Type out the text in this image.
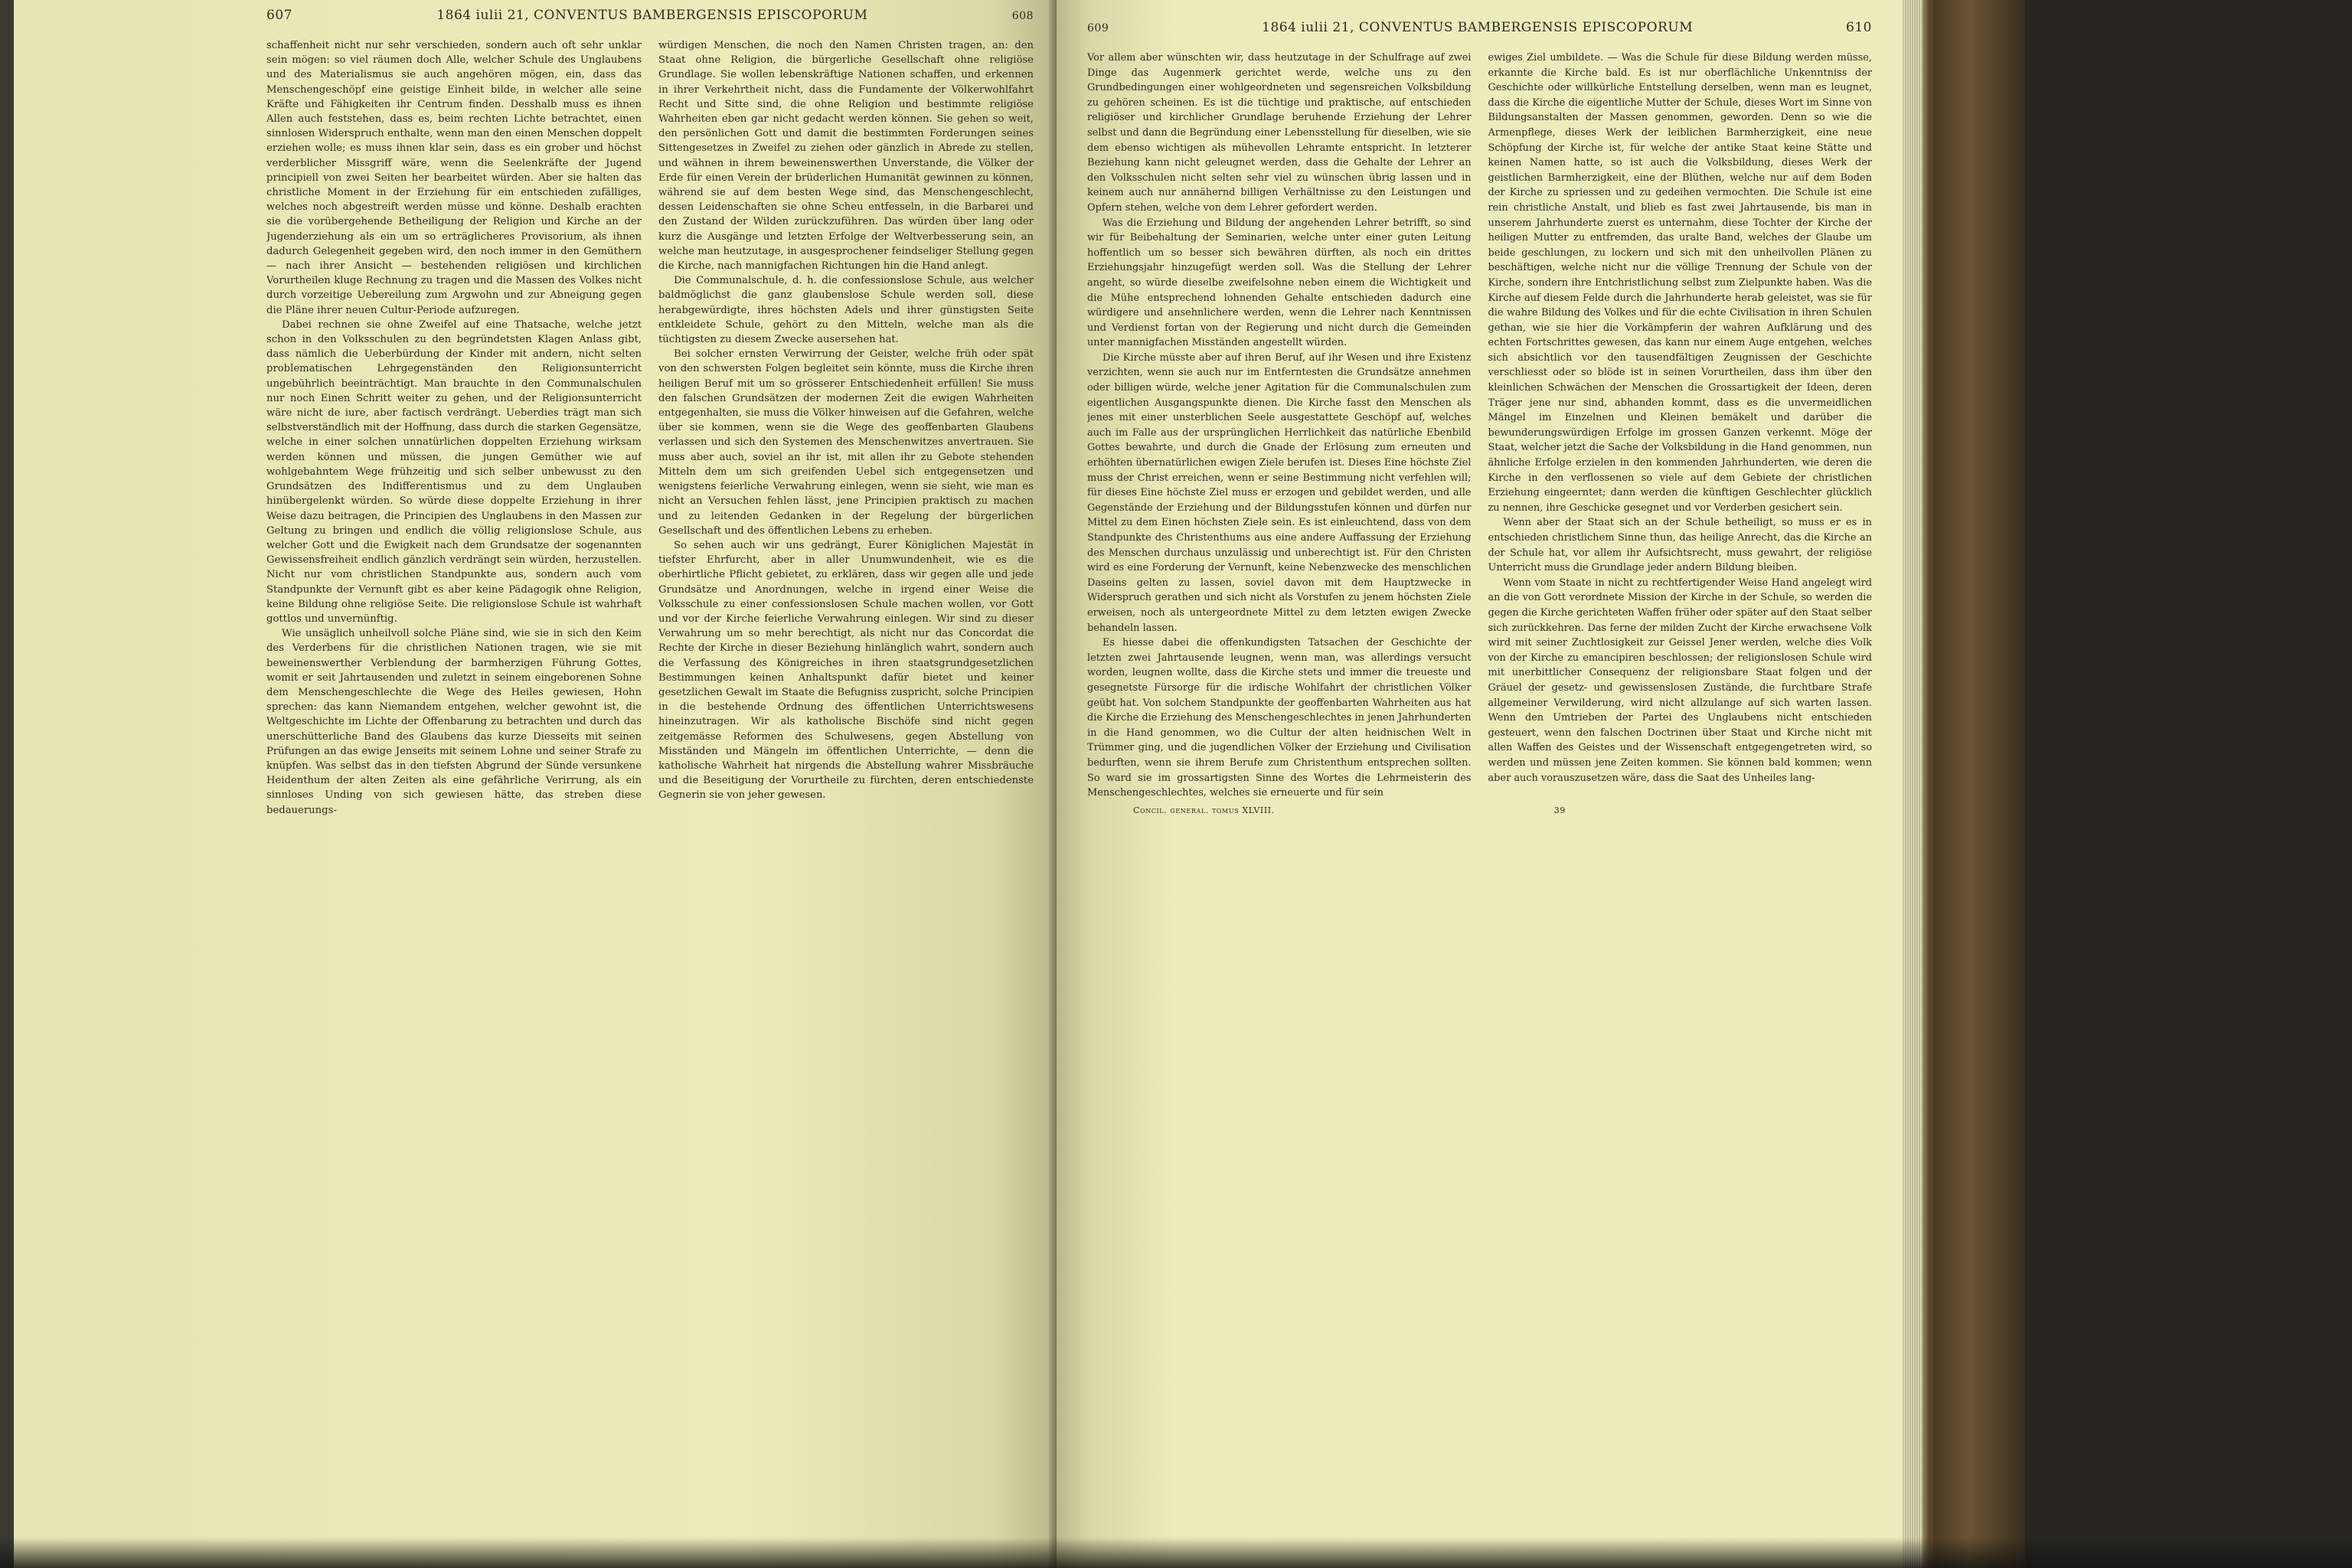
607	1864 iulii 21, CONVENTUS BAMBERGENSIS EPISCOPORUM	608

schaffenheit nicht nur sehr verschieden, sondern auch oft sehr unklar sein mögen: so viel räumen doch Alle, welcher Schule des Unglaubens und des Materialismus sie auch angehören mögen, ein, dass das Menschengeschöpf eine geistige Einheit bilde, in welcher alle seine Kräfte und Fähigkeiten ihr Centrum finden. Desshalb muss es ihnen Allen auch feststehen, dass es, beim rechten Lichte betrachtet, einen sinnlosen Widerspruch enthalte, wenn man den einen Menschen doppelt erziehen wolle; es muss ihnen klar sein, dass es ein grober und höchst verderblicher Missgriff wäre, wenn die Seelenkräfte der Jugend principiell von zwei Seiten her bearbeitet würden. Aber sie halten das christliche Moment in der Erziehung für ein entschieden zufälliges, welches noch abgestreift werden müsse und könne. Deshalb erachten sie die vorübergehende Betheiligung der Religion und Kirche an der Jugenderziehung als ein um so erträglicheres Provisorium, als ihnen dadurch Gelegenheit gegeben wird, den noch immer in den Gemüthern — nach ihrer Ansicht — bestehenden religiösen und kirchlichen Vorurtheilen kluge Rechnung zu tragen und die Massen des Volkes nicht durch vorzeitige Uebereilung zum Argwohn und zur Abneigung gegen die Pläne ihrer neuen Cultur-Periode aufzuregen.

Dabei rechnen sie ohne Zweifel auf eine Thatsache, welche jetzt schon in den Volksschulen zu den begründetsten Klagen Anlass gibt, dass nämlich die Ueberbürdung der Kinder mit andern, nicht selten problematischen Lehrgegenständen den Religionsunterricht ungebührlich beeinträchtigt. Man brauchte in den Communalschulen nur noch Einen Schritt weiter zu gehen, und der Religionsunterricht wäre nicht de iure, aber factisch verdrängt. Ueberdies trägt man sich selbstverständlich mit der Hoffnung, dass durch die starken Gegensätze, welche in einer solchen unnatürlichen doppelten Erziehung wirksam werden können und müssen, die jungen Gemüther wie auf wohlgebahntem Wege frühzeitig und sich selber unbewusst zu den Grundsätzen des Indifferentismus und zu dem Unglauben hinübergelenkt würden. So würde diese doppelte Erziehung in ihrer Weise dazu beitragen, die Principien des Unglaubens in den Massen zur Geltung zu bringen und endlich die völlig religionslose Schule, aus welcher Gott und die Ewigkeit nach dem Grundsatze der sogenannten Gewissensfreiheit endlich gänzlich verdrängt sein würden, herzustellen. Nicht nur vom christlichen Standpunkte aus, sondern auch vom Standpunkte der Vernunft gibt es aber keine Pädagogik ohne Religion, keine Bildung ohne religiöse Seite. Die religionslose Schule ist wahrhaft gottlos und unvernünftig.

Wie unsäglich unheilvoll solche Pläne sind, wie sie in sich den Keim des Verderbens für die christlichen Nationen tragen, wie sie mit beweinenswerther Verblendung der barmherzigen Führung Gottes, womit er seit Jahrtausenden und zuletzt in seinem eingeborenen Sohne dem Menschengeschlechte die Wege des Heiles gewiesen, Hohn sprechen: das kann Niemandem entgehen, welcher gewohnt ist, die Weltgeschichte im Lichte der Offenbarung zu betrachten und durch das unerschütterliche Band des Glaubens das kurze Diesseits mit seinen Prüfungen an das ewige Jenseits mit seinem Lohne und seiner Strafe zu knüpfen. Was selbst das in den tiefsten Abgrund der Sünde versunkene Heidenthum der alten Zeiten als eine gefährliche Verirrung, als ein sinnloses Unding von sich gewiesen hätte, das streben diese bedauerungs-

würdigen Menschen, die noch den Namen Christen tragen, an: den Staat ohne Religion, die bürgerliche Gesellschaft ohne religiöse Grundlage. Sie wollen lebenskräftige Nationen schaffen, und erkennen in ihrer Verkehrtheit nicht, dass die Fundamente der Völkerwohlfahrt Recht und Sitte sind, die ohne Religion und bestimmte religiöse Wahrheiten eben gar nicht gedacht werden können. Sie gehen so weit, den persönlichen Gott und damit die bestimmten Forderungen seines Sittengesetzes in Zweifel zu ziehen oder gänzlich in Abrede zu stellen, und wähnen in ihrem beweinenswerthen Unverstande, die Völker der Erde für einen Verein der brüderlichen Humanität gewinnen zu können, während sie auf dem besten Wege sind, das Menschengeschlecht, dessen Leidenschaften sie ohne Scheu entfesseln, in die Barbarei und den Zustand der Wilden zurückzuführen. Das würden über lang oder kurz die Ausgänge und letzten Erfolge der Weltverbesserung sein, an welche man heutzutage, in ausgesprochener feindseliger Stellung gegen die Kirche, nach mannigfachen Richtungen hin die Hand anlegt.

Die Communalschule, d. h. die confessionslose Schule, aus welcher baldmöglichst die ganz glaubenslose Schule werden soll, diese herabgewürdigte, ihres höchsten Adels und ihrer günstigsten Seite entkleidete Schule, gehört zu den Mitteln, welche man als die tüchtigsten zu diesem Zwecke ausersehen hat.

Bei solcher ernsten Verwirrung der Geister, welche früh oder spät von den schwersten Folgen begleitet sein könnte, muss die Kirche ihren heiligen Beruf mit um so grösserer Entschiedenheit erfüllen! Sie muss den falschen Grundsätzen der modernen Zeit die ewigen Wahrheiten entgegenhalten, sie muss die Völker hinweisen auf die Gefahren, welche über sie kommen, wenn sie die Wege des geoffenbarten Glaubens verlassen und sich den Systemen des Menschenwitzes anvertrauen. Sie muss aber auch, soviel an ihr ist, mit allen ihr zu Gebote stehenden Mitteln dem um sich greifenden Uebel sich entgegensetzen und wenigstens feierliche Verwahrung einlegen, wenn sie sieht, wie man es nicht an Versuchen fehlen lässt, jene Principien praktisch zu machen und zu leitenden Gedanken in der Regelung der bürgerlichen Gesellschaft und des öffentlichen Lebens zu erheben.

So sehen auch wir uns gedrängt, Eurer Königlichen Majestät in tiefster Ehrfurcht, aber in aller Unumwundenheit, wie es die oberhirtliche Pflicht gebietet, zu erklären, dass wir gegen alle und jede Grundsätze und Anordnungen, welche in irgend einer Weise die Volksschule zu einer confessionslosen Schule machen wollen, vor Gott und vor der Kirche feierliche Verwahrung einlegen. Wir sind zu dieser Verwahrung um so mehr berechtigt, als nicht nur das Concordat die Rechte der Kirche in dieser Beziehung hinlänglich wahrt, sondern auch die Verfassung des Königreiches in ihren staatsgrundgesetzlichen Bestimmungen keinen Anhaltspunkt dafür bietet und keiner gesetzlichen Gewalt im Staate die Befugniss zuspricht, solche Principien in die bestehende Ordnung des öffentlichen Unterrichtswesens hineinzutragen. Wir als katholische Bischöfe sind nicht gegen zeitgemässe Reformen des Schulwesens, gegen Abstellung von Misständen und Mängeln im öffentlichen Unterrichte, — denn die katholische Wahrheit hat nirgends die Abstellung wahrer Missbräuche und die Beseitigung der Vorurtheile zu fürchten, deren entschiedenste Gegnerin sie von jeher gewesen.

609	1864 iulii 21, CONVENTUS BAMBERGENSIS EPISCOPORUM	610

Vor allem aber wünschten wir, dass heutzutage in der Schulfrage auf zwei Dinge das Augenmerk gerichtet werde, welche uns zu den Grundbedingungen einer wohlgeordneten und segensreichen Volksbildung zu gehören scheinen. Es ist die tüchtige und praktische, auf entschieden religiöser und kirchlicher Grundlage beruhende Erziehung der Lehrer selbst und dann die Begründung einer Lebensstellung für dieselben, wie sie dem ebenso wichtigen als mühevollen Lehramte entspricht. In letzterer Beziehung kann nicht geleugnet werden, dass die Gehalte der Lehrer an den Volksschulen nicht selten sehr viel zu wünschen übrig lassen und in keinem auch nur annähernd billigen Verhältnisse zu den Leistungen und Opfern stehen, welche von dem Lehrer gefordert werden.

Was die Erziehung und Bildung der angehenden Lehrer betrifft, so sind wir für Beibehaltung der Seminarien, welche unter einer guten Leitung hoffentlich um so besser sich bewähren dürften, als noch ein drittes Erziehungsjahr hinzugefügt werden soll. Was die Stellung der Lehrer angeht, so würde dieselbe zweifelsohne neben einem die Wichtigkeit und die Mühe entsprechend lohnenden Gehalte entschieden dadurch eine würdigere und ansehnlichere werden, wenn die Lehrer nach Kenntnissen und Verdienst fortan von der Regierung und nicht durch die Gemeinden unter mannigfachen Misständen angestellt würden.

Die Kirche müsste aber auf ihren Beruf, auf ihr Wesen und ihre Existenz verzichten, wenn sie auch nur im Entferntesten die Grundsätze annehmen oder billigen würde, welche jener Agitation für die Communalschulen zum eigentlichen Ausgangspunkte dienen. Die Kirche fasst den Menschen als jenes mit einer unsterblichen Seele ausgestattete Geschöpf auf, welches auch im Falle aus der ursprünglichen Herrlichkeit das natürliche Ebenbild Gottes bewahrte, und durch die Gnade der Erlösung zum erneuten und erhöhten übernatürlichen ewigen Ziele berufen ist. Dieses Eine höchste Ziel muss der Christ erreichen, wenn er seine Bestimmung nicht verfehlen will; für dieses Eine höchste Ziel muss er erzogen und gebildet werden, und alle Gegenstände der Erziehung und der Bildungsstufen können und dürfen nur Mittel zu dem Einen höchsten Ziele sein. Es ist einleuchtend, dass von dem Standpunkte des Christenthums aus eine andere Auffassung der Erziehung des Menschen durchaus unzulässig und unberechtigt ist. Für den Christen wird es eine Forderung der Vernunft, keine Nebenzwecke des menschlichen Daseins gelten zu lassen, soviel davon mit dem Hauptzwecke in Widerspruch gerathen und sich nicht als Vorstufen zu jenem höchsten Ziele erweisen, noch als untergeordnete Mittel zu dem letzten ewigen Zwecke behandeln lassen.

Es hiesse dabei die offenkundigsten Tatsachen der Geschichte der letzten zwei Jahrtausende leugnen, wenn man, was allerdings versucht worden, leugnen wollte, dass die Kirche stets und immer die treueste und gesegnetste Fürsorge für die irdische Wohlfahrt der christlichen Völker geübt hat. Von solchem Standpunkte der geoffenbarten Wahrheiten aus hat die Kirche die Erziehung des Menschengeschlechtes in jenen Jahrhunderten in die Hand genommen, wo die Cultur der alten heidnischen Welt in Trümmer ging, und die jugendlichen Völker der Erziehung und Civilisation bedurften, wenn sie ihrem Berufe zum Christenthum entsprechen sollten. So ward sie im grossartigsten Sinne des Wortes die Lehrmeisterin des Menschengeschlechtes, welches sie erneuerte und für sein

ewiges Ziel umbildete. — Was die Schule für diese Bildung werden müsse, erkannte die Kirche bald. Es ist nur oberflächliche Unkenntniss der Geschichte oder willkürliche Entstellung derselben, wenn man es leugnet, dass die Kirche die eigentliche Mutter der Schule, dieses Wort im Sinne von Bildungsanstalten der Massen genommen, geworden. Denn so wie die Armenpflege, dieses Werk der leiblichen Barmherzigkeit, eine neue Schöpfung der Kirche ist, für welche der antike Staat keine Stätte und keinen Namen hatte, so ist auch die Volksbildung, dieses Werk der geistlichen Barmherzigkeit, eine der Blüthen, welche nur auf dem Boden der Kirche zu spriessen und zu gedeihen vermochten. Die Schule ist eine rein christliche Anstalt, und blieb es fast zwei Jahrtausende, bis man in unserem Jahrhunderte zuerst es unternahm, diese Tochter der Kirche der heiligen Mutter zu entfremden, das uralte Band, welches der Glaube um beide geschlungen, zu lockern und sich mit den unheilvollen Plänen zu beschäftigen, welche nicht nur die völlige Trennung der Schule von der Kirche, sondern ihre Entchristlichung selbst zum Zielpunkte haben. Was die Kirche auf diesem Felde durch die Jahrhunderte herab geleistet, was sie für die wahre Bildung des Volkes und für die echte Civilisation in ihren Schulen gethan, wie sie hier die Vorkämpferin der wahren Aufklärung und des echten Fortschrittes gewesen, das kann nur einem Auge entgehen, welches sich absichtlich vor den tausendfältigen Zeugnissen der Geschichte verschliesst oder so blöde ist in seinen Vorurtheilen, dass ihm über den kleinlichen Schwächen der Menschen die Grossartigkeit der Ideen, deren Träger jene nur sind, abhanden kommt, dass es die unvermeidlichen Mängel im Einzelnen und Kleinen bemäkelt und darüber die bewunderungswürdigen Erfolge im grossen Ganzen verkennt. Möge der Staat, welcher jetzt die Sache der Volksbildung in die Hand genommen, nun ähnliche Erfolge erzielen in den kommenden Jahrhunderten, wie deren die Kirche in den verflossenen so viele auf dem Gebiete der christlichen Erziehung eingeerntet; dann werden die künftigen Geschlechter glücklich zu nennen, ihre Geschicke gesegnet und vor Verderben gesichert sein.

Wenn aber der Staat sich an der Schule betheiligt, so muss er es in entschieden christlichem Sinne thun, das heilige Anrecht, das die Kirche an der Schule hat, vor allem ihr Aufsichtsrecht, muss gewahrt, der religiöse Unterricht muss die Grundlage jeder andern Bildung bleiben.

Wenn vom Staate in nicht zu rechtfertigender Weise Hand angelegt wird an die von Gott verordnete Mission der Kirche in der Schule, so werden die gegen die Kirche gerichteten Waffen früher oder später auf den Staat selber sich zurückkehren. Das ferne der milden Zucht der Kirche erwachsene Volk wird mit seiner Zuchtlosigkeit zur Geissel Jener werden, welche dies Volk von der Kirche zu emancipiren beschlossen; der religionslosen Schule wird mit unerbittlicher Consequenz der religionsbare Staat folgen und der Gräuel der gesetz- und gewissenslosen Zustände, die furchtbare Strafe allgemeiner Verwilderung, wird nicht allzulange auf sich warten lassen. Wenn den Umtrieben der Partei des Unglaubens nicht entschieden gesteuert, wenn den falschen Doctrinen über Staat und Kirche nicht mit allen Waffen des Geistes und der Wissenschaft entgegengetreten wird, so werden und müssen jene Zeiten kommen. Sie können bald kommen; wenn aber auch vorauszusetzen wäre, dass die Saat des Unheiles lang-

Concil. general. tomus XLVIII.	39
